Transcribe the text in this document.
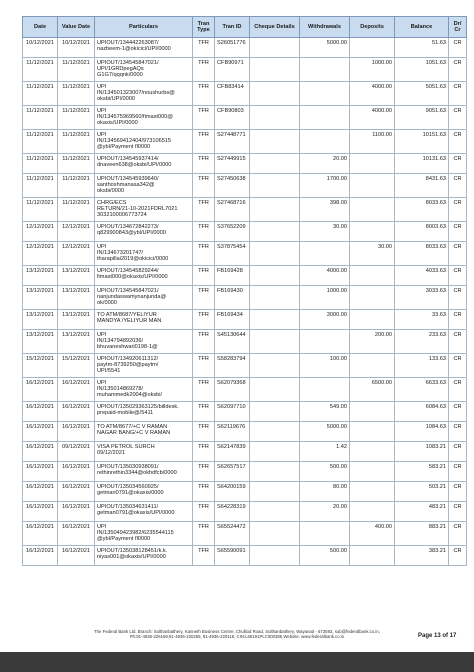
Date	Value Date	Particulars	Tran
Type	Tran ID	Cheque Details	Withdrawals	Deposits	Balance	Dr/
Cr
10/12/2021	10/12/2021	UPIOUT/134442263087/
nazbeem-1@okicici/UPI/0000	TFR	S26051776		5000.00		51.63	CR
11/12/2021	11/12/2021	UPIOUT/134545847021/
UPI/1GRDpegAQs
G1G7/qqqnk/0000	TFR	CFB90971			1000.00	1051.63	CR
11/12/2021	11/12/2021	UPI
IN/134501323007/noushurbs@
oksbi/UPI/0000	TFR	CFB83414			4000.00	5051.63	CR
11/12/2021	11/12/2021	UPI
IN/134575969560/fimast000@
okaxis/UPI/0000	TFR	CFB90803			4000.00	9051.63	CR
11/12/2021	11/12/2021	UPI
IN/134569412404/973106515
@ybl/Payment fl0000	TFR	S27448771			1100.00	10151.63	CR
11/12/2021	11/12/2021	UPIOUT/134545937414/
dnaveen638@oksbi/UPI/0000	TFR	S27449915		20.00		10131.63	CR
11/12/2021	11/12/2021	UPIOUT/134545939640/
santhoshmanasa342@
oksbi/0000	TFR	S27450638		1700.00		8431.63	CR
11/12/2021	11/12/2021	CHRG/ECS
RETURN/21-10-2021FDRL7021
3032100006773724	TFR	S27468716		398.00		8033.63	CR
12/12/2021	12/12/2021	UPIOUT/134672842273/
q829900843@ybl/UPI/0000	TFR	S37652209		30.00		8003.63	CR
12/12/2021	12/12/2021	UPI
IN/134673201747/
tharapillai2019@okicici/0000	TFR	S37875454			30.00	8033.63	CR
13/12/2021	13/12/2021	UPIOUT/134545829244/
fimast000@okaxis/UPI/0000	TFR	FB169428		4000.00		4033.63	CR
13/12/2021	13/12/2021	UPIOUT/134545847021/
nanjundaswamynanjunda@
ok/0000	TFR	FB169430		1000.00		3033.63	CR
13/12/2021	13/12/2021	TO ATM/8687/YELIYUR
MANDYA /YELIYUR MAN	TFR	FB169434		3000.00		33.63	CR
13/12/2021	13/12/2021	UPI
IN/134794892036/
bhuvaneshwari0198-1@	TFR	S45130644			200.00	233.63	CR
15/12/2021	15/12/2021	UPIOUT/134920611312/
paytm-8739250@paytm/
UPI/5541	TFR	S58283794		100.00		133.63	CR
16/12/2021	16/12/2021	UPI
IN/135014869278/
muhammedk2004@oksbi/	TFR	S62079368			6500.00	6633.63	CR
16/12/2021	16/12/2021	UPIOUT/135029363125/billdesk.
prepaid-mobile@/5411	TFR	S62097710		549.00		6084.63	CR
16/12/2021	16/12/2021	TO ATM/8677/+C V RAMAN
NAGAR BANG/+C V RAMAN	TFR	S62119676		5000.00		1084.63	CR
16/12/2021	09/12/2021	VISA PETROL SURCH
09/12/2021	TFR	S62147839		1.42		1083.21	CR
16/12/2021	16/12/2021	UPIOUT/135030938091/
rethinrethin3344@okhdfcb/0000	TFR	S62657517		500.00		583.21	CR
16/12/2021	16/12/2021	UPIOUT/135034560925/
getman0791@okaxis/0000	TFR	S64200159		80.00		503.21	CR
16/12/2021	16/12/2021	UPIOUT/135034631411/
getman0791@okaxis/UPI/0000	TFR	S64228319		20.00		483.21	CR
16/12/2021	16/12/2021	UPI
IN/135049423982/6235544115
@ybl/Payment fl0000	TFR	S65524472			400.00	883.21	CR
16/12/2021	16/12/2021	UPIOUT/135038128451/k.k.
niyas001@okaxis/UPI/0000	TFR	S65590091		500.00		383.21	CR
The Federal Bank Ltd. Branch: Sulthanbathery, Kanneth Business Centre, Chulliod Road, Sulthanbathery, Wayanad - 673592, sub@federalbank.co.in,
Ph:91-4936-226159,91-4936-220259, 91-4936-220115, CIN:L65191PLC000386 Website: www.federalbank.co.in	Page 13 of 17
